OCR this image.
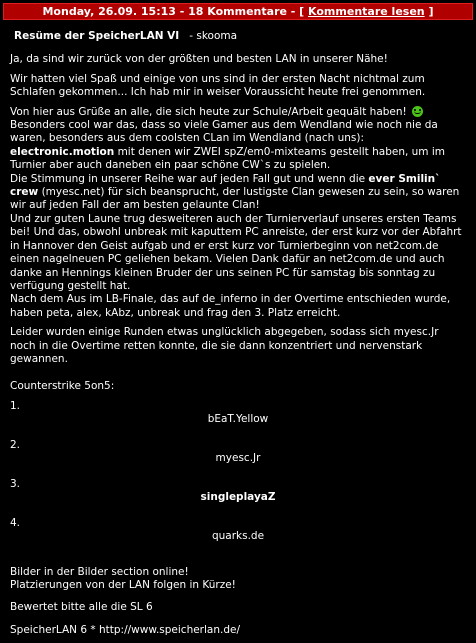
Monday, 26.09. 15:13 - 18 Kommentare - [
Kommentare lesen
]

Resüme der SpeicherLAN VI   - skooma

Ja, da sind wir zurück von der größten und besten LAN in unserer Nähe!

Wir hatten viel Spaß und einige von uns sind in der ersten Nacht nichtmal zum Schlafen gekommen... Ich hab mir in weiser Voraussicht heute frei genommen.

Von hier aus Grüße an alle, die sich heute zur Schule/Arbeit gequält haben!
Besonders cool war das, dass so viele Gamer aus dem Wendland wie noch nie da waren, besonders aus dem coolsten CLan im Wendland (nach uns):
electronic.motion mit denen wir ZWEI spZ/em0-mixteams gestellt haben, um im Turnier aber auch daneben ein paar schöne CW`s zu spielen.
Die Stimmung in unserer Reihe war auf jeden Fall gut und wenn die ever Smilin` crew (myesc.net) für sich beansprucht, der lustigste Clan gewesen zu sein, so waren wir auf jeden Fall der am besten gelaunte Clan!
Und zur guten Laune trug desweiteren auch der Turnierverlauf unseres ersten Teams bei! Und das, obwohl unbreak mit kaputtem PC anreiste, der erst kurz vor der Abfahrt in Hannover den Geist aufgab und er erst kurz vor Turnierbeginn von net2com.de einen nagelneuen PC geliehen bekam. Vielen Dank dafür an net2com.de und auch danke an Hennings kleinen Bruder der uns seinen PC für samstag bis sonntag zu verfügung gestellt hat.
Nach dem Aus im LB-Finale, das auf de_inferno in der Overtime entschieden wurde, haben peta, alex, kAbz, unbreak und frag den 3. Platz erreicht.

Leider wurden einige Runden etwas unglücklich abgegeben, sodass sich myesc.Jr noch in die Overtime retten konnte, die sie dann konzentriert und nervenstark gewannen.

Counterstrike 5on5:

1.
bEaT.Yellow
2.
myesc.Jr
3.
singleplayaZ
4.
quarks.de

Bilder in der Bilder section online!
Platzierungen von der LAN folgen in Kürze!

Bewertet bitte alle die SL 6

SpeicherLAN 6 * http://www.speicherlan.de/
